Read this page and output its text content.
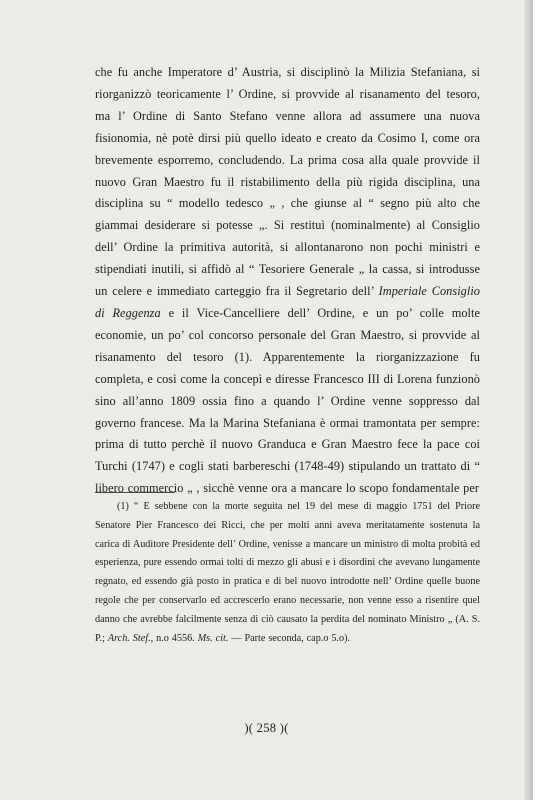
che fu anche Imperatore d’ Austria, si disciplinò la Milizia Stefaniana, si riorganizzò teoricamente l’ Ordine, si provvide al risanamento del tesoro, ma l’ Ordine di Santo Stefano venne allora ad assumere una nuova fisionomia, nè potè dirsi più quello ideato e creato da Cosimo I, come ora brevemente esporremo, concludendo. La prima cosa alla quale provvide il nuovo Gran Maestro fu il ristabilimento della più rigida disciplina, una disciplina su “ modello tedesco „ , che giunse al “ segno più alto che giammai desiderare si potesse „. Si restituì (nominalmente) al Consiglio dell’ Ordine la primitiva autorità, si allontanarono non pochi ministri e stipendiati inutili, si affidò al “ Tesoriere Generale „ la cassa, si introdusse un celere e immediato carteggio fra il Segretario dell’ Imperiale Consiglio di Reggenza e il Vice-Cancelliere dell’ Ordine, e un po’ colle molte economie, un po’ col concorso personale del Gran Maestro, si provvide al risanamento del tesoro (1). Apparentemente la riorganizzazione fu completa, e così come la concepì e diresse Francesco III di Lorena funzionò sino all’anno 1809 ossia fino a quando l’ Ordine venne soppresso dal governo francese. Ma la Marina Stefaniana è ormai tramontata per sempre: prima di tutto perchè il nuovo Granduca e Gran Maestro fece la pace coi Turchi (1747) e cogli stati barbereschi (1748-49) stipulando un trattato di “ libero commercio „ , sicchè venne ora a mancare lo scopo fondamentale per

(1) “ E sebbene con la morte seguita nel 19 del mese di maggio 1751 del Priore Senatore Pier Francesco dei Ricci, che per molti anni aveva meritatamente sostenuta la carica di Auditore Presidente dell’ Ordine, venisse a mancare un ministro di molta probità ed esperienza, pure essendo ormai tolti di mezzo gli abusi e i disordini che avevano lungamente regnato, ed essendo già posto in pratica e di bel nuovo introdotte nell’ Ordine quelle buone regole che per conservarlo ed accrescerlo erano necessarie, non venne esso a risentire quel danno che avrebbe falcilmente senza di ciò causato la perdita del nominato Ministro „ (A. S. P.; Arch. Stef., n.o 4556. Ms. cit. — Parte seconda, cap.o 5.o).

)( 258 )(
